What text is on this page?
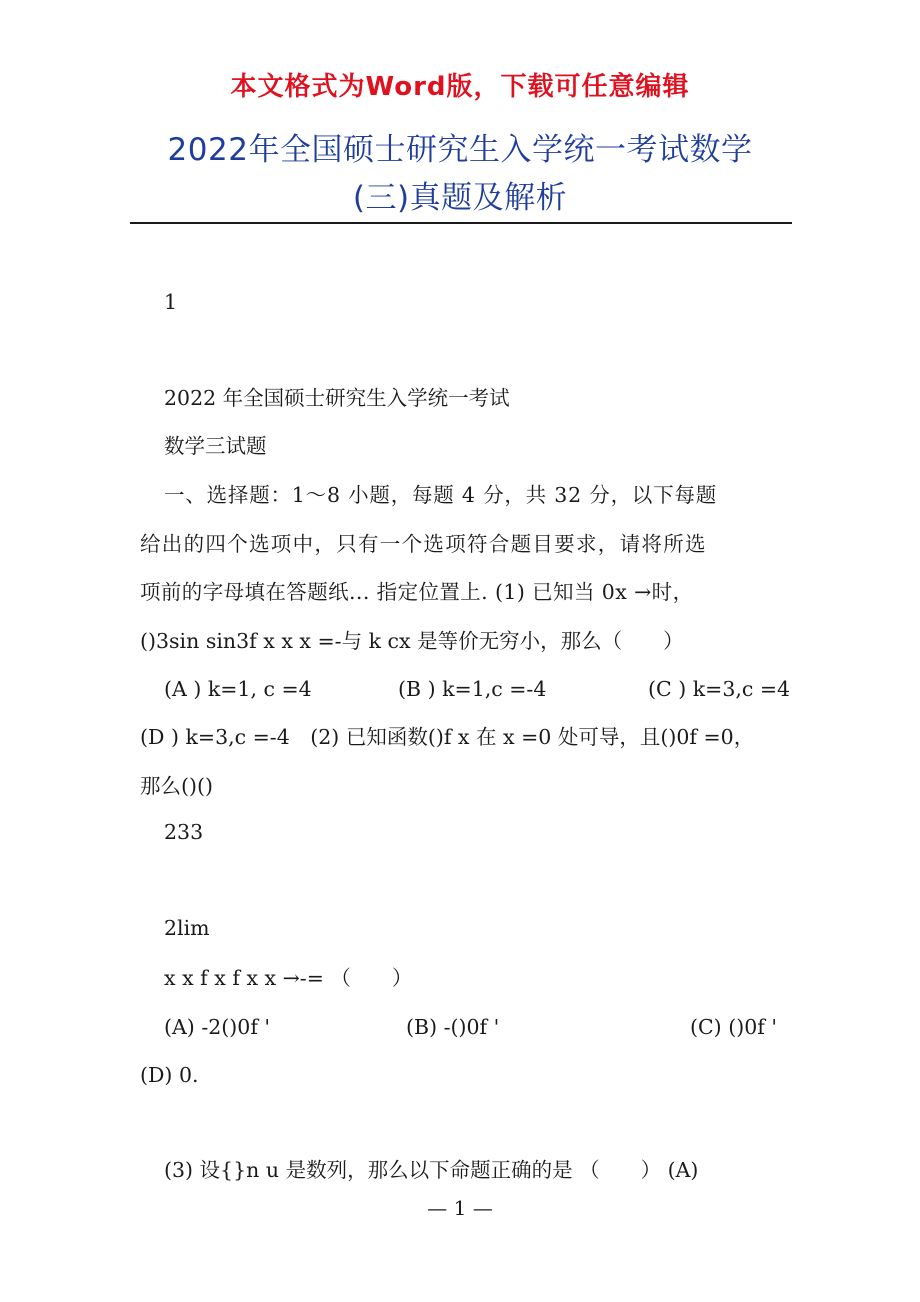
本文格式为Word版，下载可任意编辑
2022年全国硕士研究生入学统一考试数学
(三)真题及解析
1
2022 年全国硕士研究生入学统一考试
数学三试题
一、选择题：1～8 小题，每题 4 分，共 32 分，以下每题
给出的四个选项中，只有一个选项符合题目要求，请将所选
项前的字母填在答题纸... 指定位置上. (1) 已知当 0x →时，
()3sin sin3f x x x =-与 k cx 是等价无穷小，那么（　　）
(A ) k=1, c =4	(B ) k=1,c =-4	(C ) k=3,c =4
(D ) k=3,c =-4　(2) 已知函数()f x 在 x =0 处可导，且()0f =0，
那么()()
233
2lim
x x f x f x x →-= （　　）
(A) -2()0f '	(B) -()0f '	(C) ()0f '
(D) 0.
(3) 设{}n u 是数列，那么以下命题正确的是 （　　） (A)
— 1 —
